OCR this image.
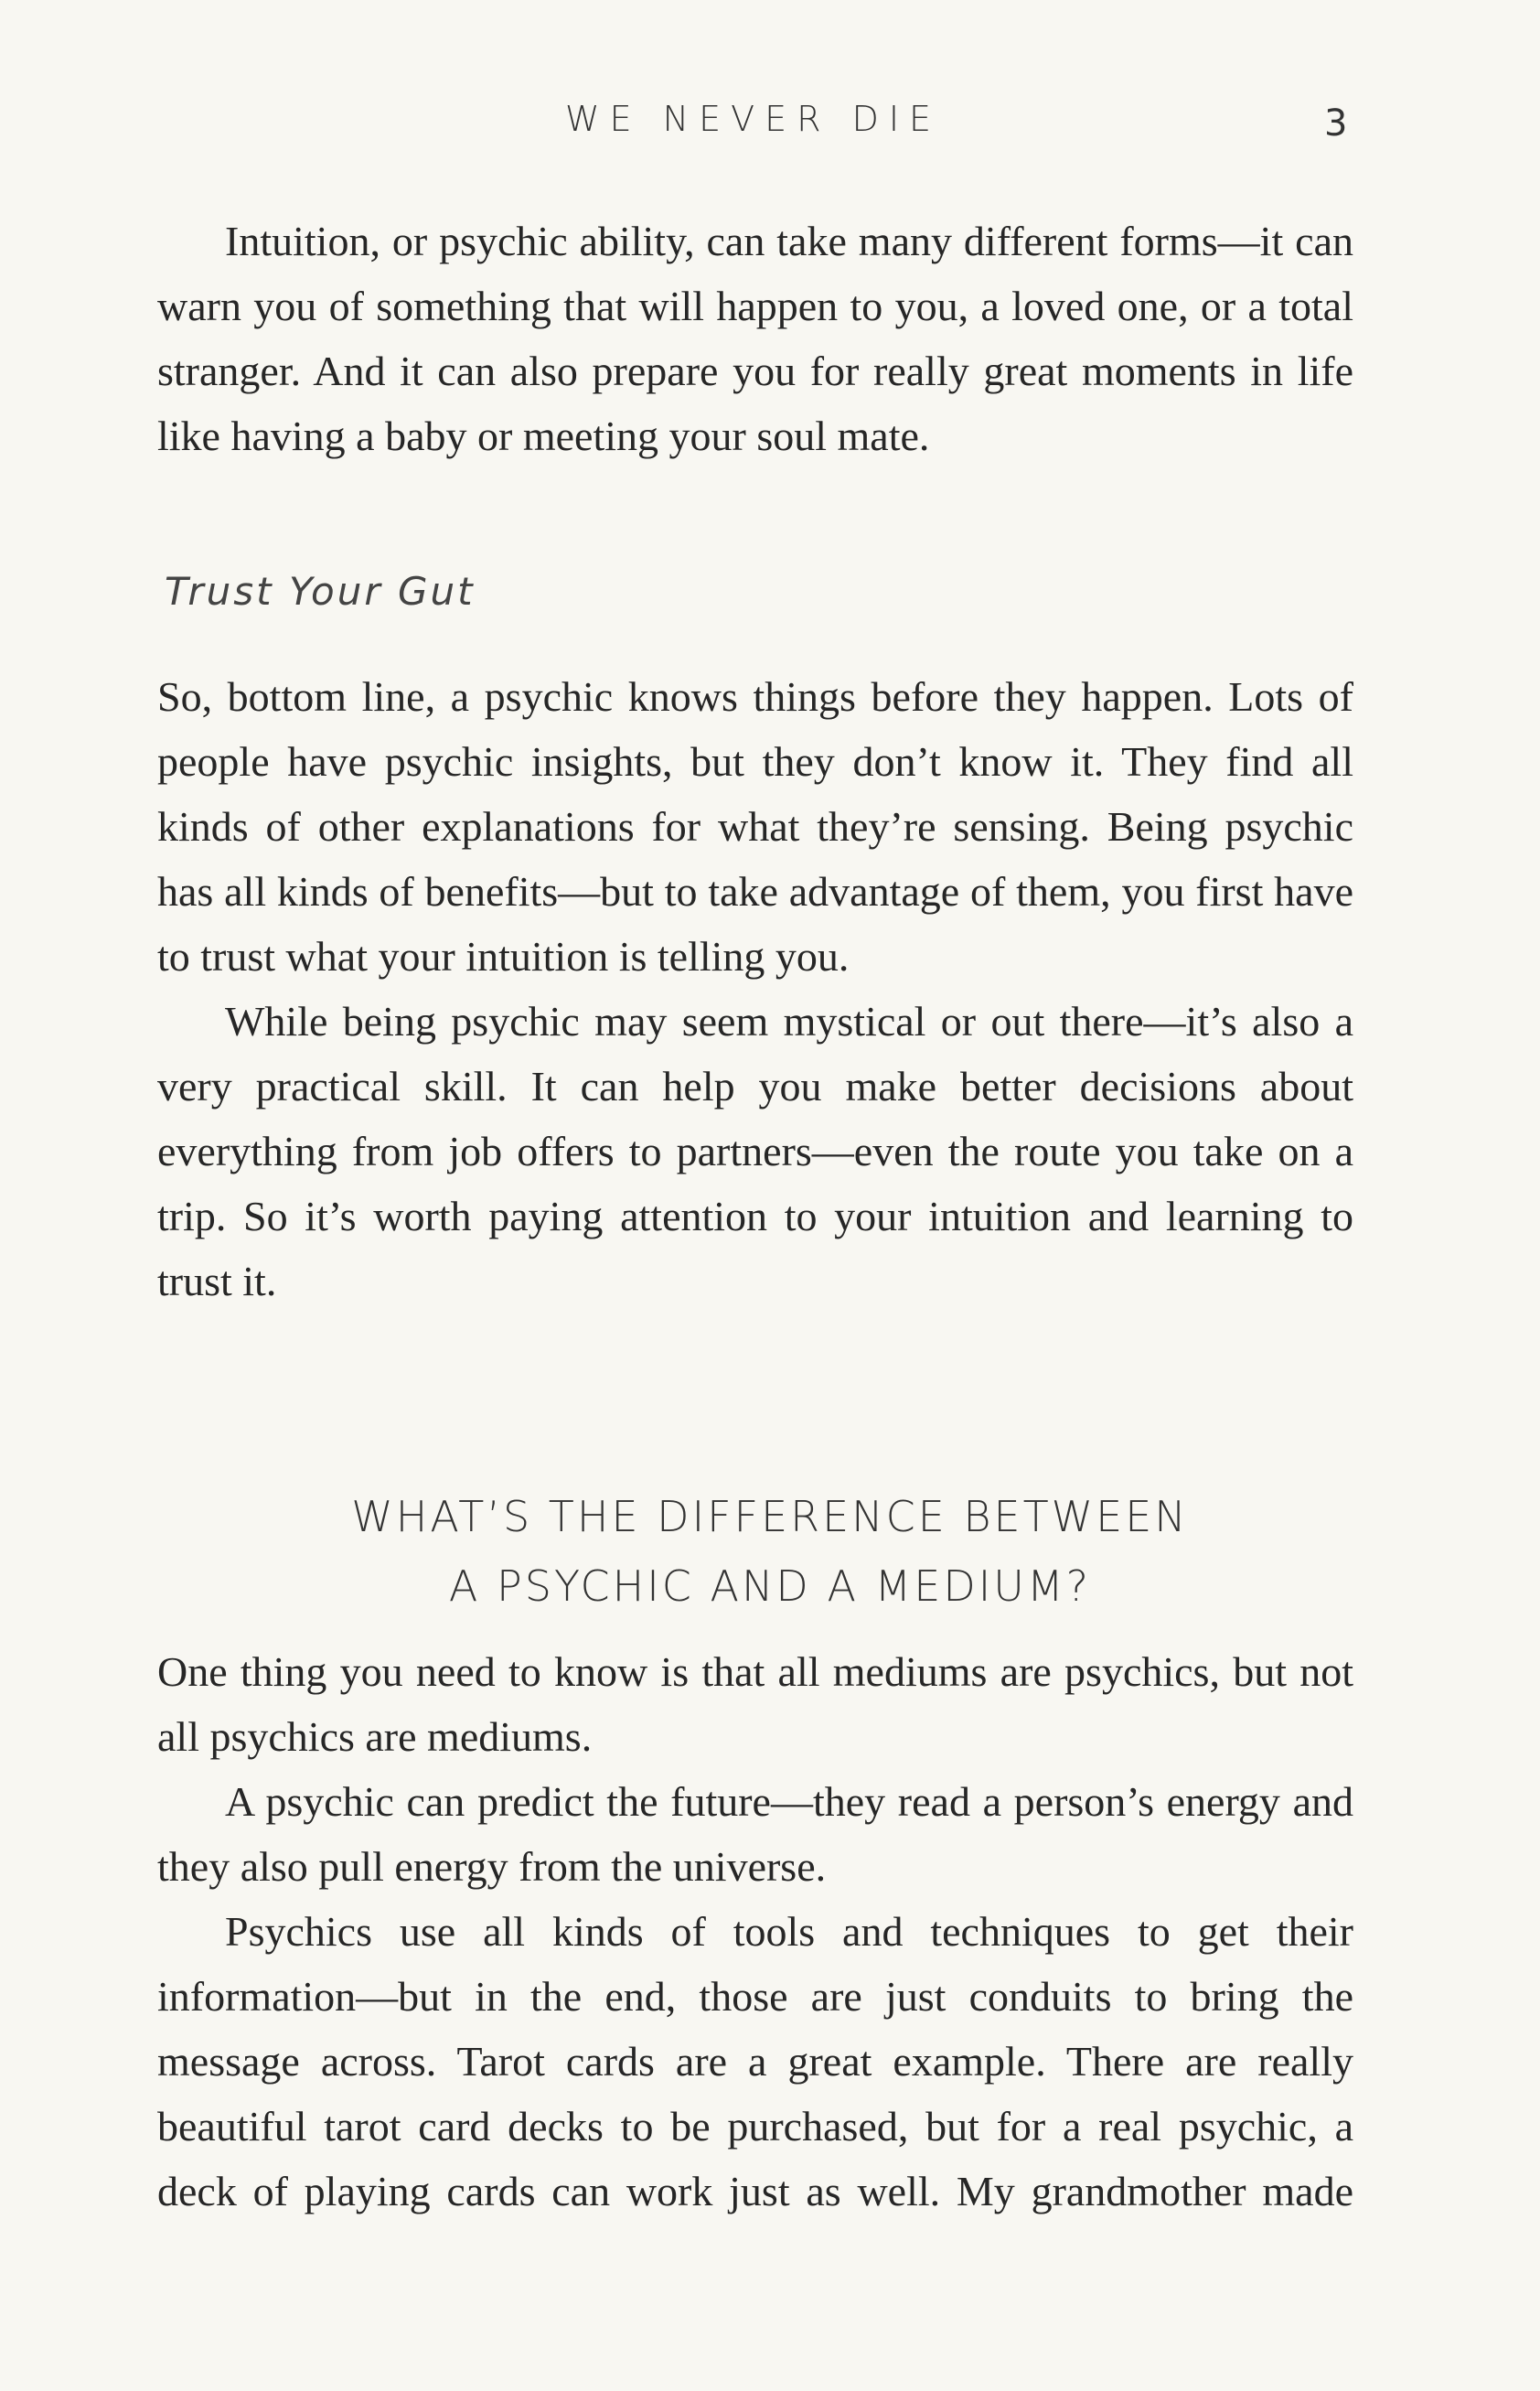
WE NEVER DIE	3

Intuition, or psychic ability, can take many different forms—it can warn you of something that will happen to you, a loved one, or a total stranger. And it can also prepare you for really great moments in life like having a baby or meeting your soul mate.

Trust Your Gut

So, bottom line, a psychic knows things before they happen. Lots of people have psychic insights, but they don’t know it. They find all kinds of other explanations for what they’re sensing. Being psychic has all kinds of benefits—but to take advantage of them, you first have to trust what your intuition is telling you.

While being psychic may seem mystical or out there—it’s also a very practical skill. It can help you make better decisions about everything from job offers to partners—even the route you take on a trip. So it’s worth paying attention to your intuition and learning to trust it.

WHAT’S THE DIFFERENCE BETWEEN
A PSYCHIC AND A MEDIUM?

One thing you need to know is that all mediums are psychics, but not all psychics are mediums.

A psychic can predict the future—they read a person’s energy and they also pull energy from the universe.

Psychics use all kinds of tools and techniques to get their information—but in the end, those are just conduits to bring the message across. Tarot cards are a great example. There are really beautiful tarot card decks to be purchased, but for a real psychic, a deck of playing cards can work just as well. My grandmother made
